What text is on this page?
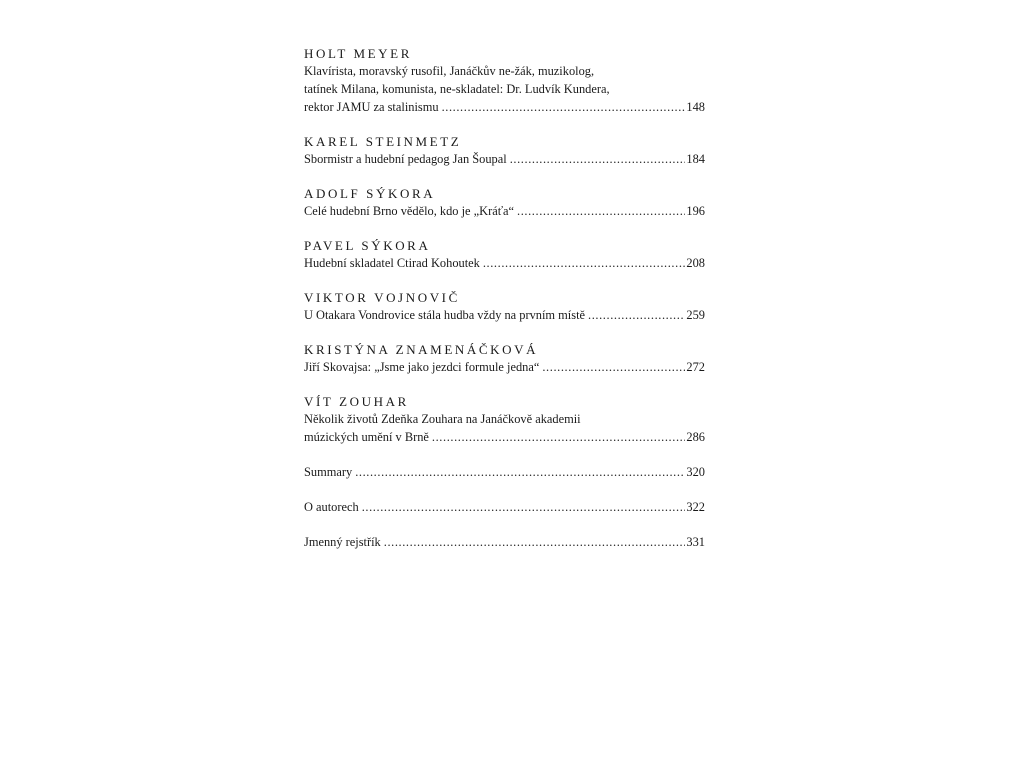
HOLT MEYER
Klavírista, moravský rusofil, Janáčkův ne-žák, muzikolog,
tatínek Milana, komunista, ne-skladatel: Dr. Ludvík Kundera,
rektor JAMU za stalinismu .....	148
KAREL STEINMETZ
Sbormistr a hudební pedagog Jan Šoupal .....	184
ADOLF SÝKORA
Celé hudební Brno vědělo, kdo je „Kráťa“ .....	196
PAVEL SÝKORA
Hudební skladatel Ctirad Kohoutek .....	208
VIKTOR VOJNOVIČ
U Otakara Vondrovice stála hudba vždy na prvním místě .....	259
KRISTÝNA ZNAMENÁČKOVÁ
Jiří Skovajsa: „Jsme jako jezdci formule jedna“ .....	272
VÍT ZOUHAR
Několik životů Zdeňka Zouhara na Janáčkově akademii
múzických umění v Brně .....	286
Summary .....	320
O autorech .....	322
Jmenný rejstřík .....	331
